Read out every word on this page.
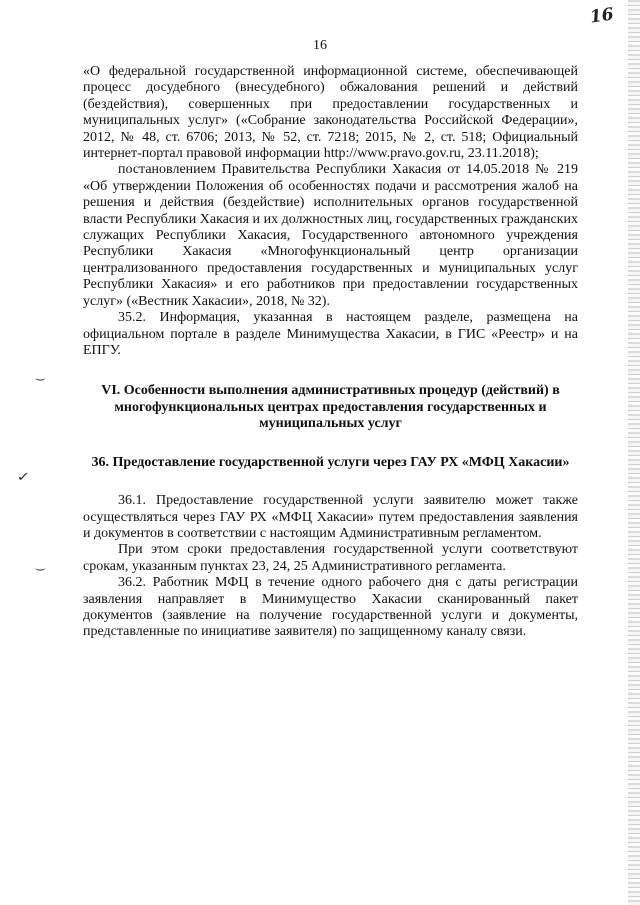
16
16
⌣
✓
⌣

«О федеральной государственной информационной системе, обеспечивающей процесс досудебного (внесудебного) обжалования решений и действий (бездействия), совершенных при предоставлении государственных и муниципальных услуг» («Собрание законодательства Российской Федерации», 2012, № 48, ст. 6706; 2013, № 52, ст. 7218; 2015, № 2, ст. 518; Официальный интернет-портал правовой информации http://www.pravo.gov.ru, 23.11.2018);

постановлением Правительства Республики Хакасия от 14.05.2018 № 219 «Об утверждении Положения об особенностях подачи и рассмотрения жалоб на решения и действия (бездействие) исполнительных органов государственной власти Республики Хакасия и их должностных лиц, государственных гражданских служащих Республики Хакасия, Государственного автономного учреждения Республики Хакасия «Многофункциональный центр организации централизованного предоставления государственных и муниципальных услуг Республики Хакасия» и его работников при предоставлении государственных услуг» («Вестник Хакасии», 2018, № 32).

35.2. Информация, указанная в настоящем разделе, размещена на официальном портале в разделе Минимущества Хакасии, в ГИС «Реестр» и на ЕПГУ.

VI. Особенности выполнения административных процедур (действий) в многофункциональных центрах предоставления государственных и муниципальных услуг

36. Предоставление государственной услуги через ГАУ РХ «МФЦ Хакасии»

36.1. Предоставление государственной услуги заявителю может также осуществляться через ГАУ РХ «МФЦ Хакасии» путем предоставления заявления и документов в соответствии с настоящим Административным регламентом.

При этом сроки предоставления государственной услуги соответствуют срокам, указанным пунктах 23, 24, 25 Административного регламента.

36.2. Работник МФЦ в течение одного рабочего дня с даты регистрации заявления направляет в Минимущество Хакасии сканированный пакет документов (заявление на получение государственной услуги и документы, представленные по инициативе заявителя) по защищенному каналу связи.
